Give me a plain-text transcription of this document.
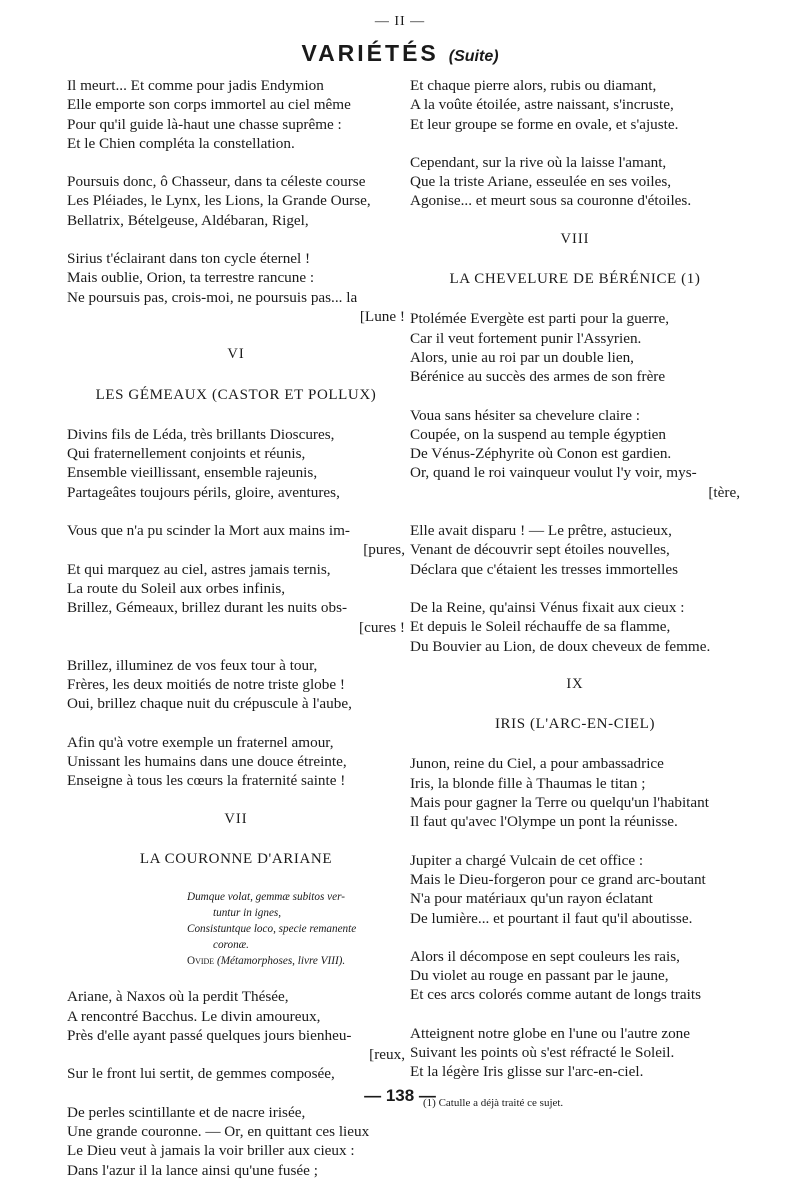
— II —
VARIÉTÉS (Suite)
Il meurt... Et comme pour jadis Endymion
Elle emporte son corps immortel au ciel même
Pour qu'il guide là-haut une chasse suprême :
Et le Chien compléta la constellation.
Poursuis donc, ô Chasseur, dans ta céleste course
Les Pléiades, le Lynx, les Lions, la Grande Ourse,
Bellatrix, Bételgeuse, Aldébaran, Rigel,
Sirius t'éclairant dans ton cycle éternel !
Mais oublie, Orion, ta terrestre rancune :
Ne poursuis pas, crois-moi, ne poursuis pas... la
[Lune !
VI
LES GÉMEAUX (CASTOR ET POLLUX)
Divins fils de Léda, très brillants Dioscures,
Qui fraternellement conjoints et réunis,
Ensemble vieillissant, ensemble rajeunis,
Partageâtes toujours périls, gloire, aventures,
Vous que n'a pu scinder la Mort aux mains im-
[pures,
Et qui marquez au ciel, astres jamais ternis,
La route du Soleil aux orbes infinis,
Brillez, Gémeaux, brillez durant les nuits obs-
[cures !
Brillez, illuminez de vos feux tour à tour,
Frères, les deux moitiés de notre triste globe !
Oui, brillez chaque nuit du crépuscule à l'aube,
Afin qu'à votre exemple un fraternel amour,
Unissant les humains dans une douce étreinte,
Enseigne à tous les cœurs la fraternité sainte !
VII
LA COURONNE D'ARIANE
Dumque volat, gemmæ subitos ver-
tuntur in ignes,
Consistuntque loco, specie remanente
coronæ.
Ovide (Métamorphoses, livre VIII).
Ariane, à Naxos où la perdit Thésée,
A rencontré Bacchus. Le divin amoureux,
Près d'elle ayant passé quelques jours bienheu-
[reux,
Sur le front lui sertit, de gemmes composée,
De perles scintillante et de nacre irisée,
Une grande couronne. — Or, en quittant ces lieux
Le Dieu veut à jamais la voir briller aux cieux :
Dans l'azur il la lance ainsi qu'une fusée ;
Et chaque pierre alors, rubis ou diamant,
A la voûte étoilée, astre naissant, s'incruste,
Et leur groupe se forme en ovale, et s'ajuste.
Cependant, sur la rive où la laisse l'amant,
Que la triste Ariane, esseulée en ses voiles,
Agonise... et meurt sous sa couronne d'étoiles.
VIII
LA CHEVELURE DE BÉRÉNICE (1)
Ptolémée Evergète est parti pour la guerre,
Car il veut fortement punir l'Assyrien.
Alors, unie au roi par un double lien,
Bérénice au succès des armes de son frère
Voua sans hésiter sa chevelure claire :
Coupée, on la suspend au temple égyptien
De Vénus-Zéphyrite où Conon est gardien.
Or, quand le roi vainqueur voulut l'y voir, mys-
[tère,
Elle avait disparu ! — Le prêtre, astucieux,
Venant de découvrir sept étoiles nouvelles,
Déclara que c'étaient les tresses immortelles
De la Reine, qu'ainsi Vénus fixait aux cieux :
Et depuis le Soleil réchauffe de sa flamme,
Du Bouvier au Lion, de doux cheveux de femme.
IX
IRIS (L'ARC-EN-CIEL)
Junon, reine du Ciel, a pour ambassadrice
Iris, la blonde fille à Thaumas le titan ;
Mais pour gagner la Terre ou quelqu'un l'habitant
Il faut qu'avec l'Olympe un pont la réunisse.
Jupiter a chargé Vulcain de cet office :
Mais le Dieu-forgeron pour ce grand arc-boutant
N'a pour matériaux qu'un rayon éclatant
De lumière... et pourtant il faut qu'il aboutisse.
Alors il décompose en sept couleurs les rais,
Du violet au rouge en passant par le jaune,
Et ces arcs colorés comme autant de longs traits
Atteignent notre globe en l'une ou l'autre zone
Suivant les points où s'est réfracté le Soleil.
Et la légère Iris glisse sur l'arc-en-ciel.
(1) Catulle a déjà traité ce sujet.
— 138 —
